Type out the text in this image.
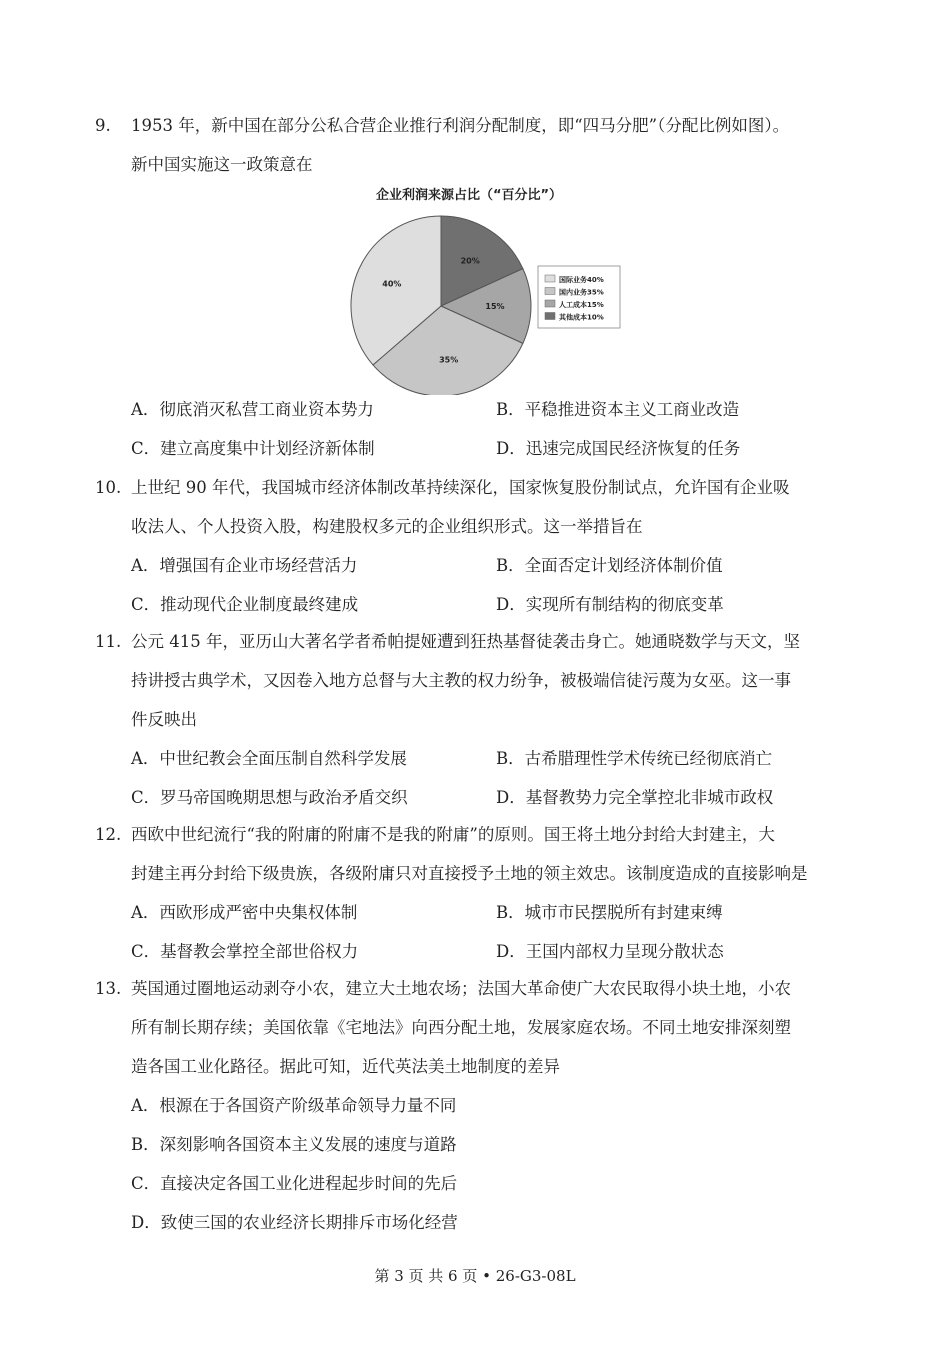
9.	1953 年，新中国在部分公私合营企业推行利润分配制度，即“四马分肥”（分配比例如图）。
新中国实施这一政策意在
企业利润来源占比（“百分比”）
20%
15%
35%
40%	国际业务40%
国内业务35%
人工成本15%
其他成本10%
A．彻底消灭私营工商业资本势力	B．平稳推进资本主义工商业改造
C．建立高度集中计划经济新体制	D．迅速完成国民经济恢复的任务
10. 上世纪 90 年代，我国城市经济体制改革持续深化，国家恢复股份制试点，允许国有企业吸
收法人、个人投资入股，构建股权多元的企业组织形式。这一举措旨在
A．增强国有企业市场经营活力	B．全面否定计划经济体制价值
C．推动现代企业制度最终建成	D．实现所有制结构的彻底变革
11. 公元 415 年，亚历山大著名学者希帕提娅遭到狂热基督徒袭击身亡。她通晓数学与天文，坚
持讲授古典学术，又因卷入地方总督与大主教的权力纷争，被极端信徒污蔑为女巫。这一事
件反映出
A．中世纪教会全面压制自然科学发展	B．古希腊理性学术传统已经彻底消亡
C．罗马帝国晚期思想与政治矛盾交织	D．基督教势力完全掌控北非城市政权
12. 西欧中世纪流行“我的附庸的附庸不是我的附庸”的原则。国王将土地分封给大封建主，大
封建主再分封给下级贵族，各级附庸只对直接授予土地的领主效忠。该制度造成的直接影响是
A．西欧形成严密中央集权体制	B．城市市民摆脱所有封建束缚
C．基督教会掌控全部世俗权力	D．王国内部权力呈现分散状态
13. 英国通过圈地运动剥夺小农，建立大土地农场；法国大革命使广大农民取得小块土地，小农
所有制长期存续；美国依靠《宅地法》向西分配土地，发展家庭农场。不同土地安排深刻塑
造各国工业化路径。据此可知，近代英法美土地制度的差异
A．根源在于各国资产阶级革命领导力量不同
B．深刻影响各国资本主义发展的速度与道路
C．直接决定各国工业化进程起步时间的先后
D．致使三国的农业经济长期排斥市场化经营
第 3 页 共 6 页 • 26-G3-08L
